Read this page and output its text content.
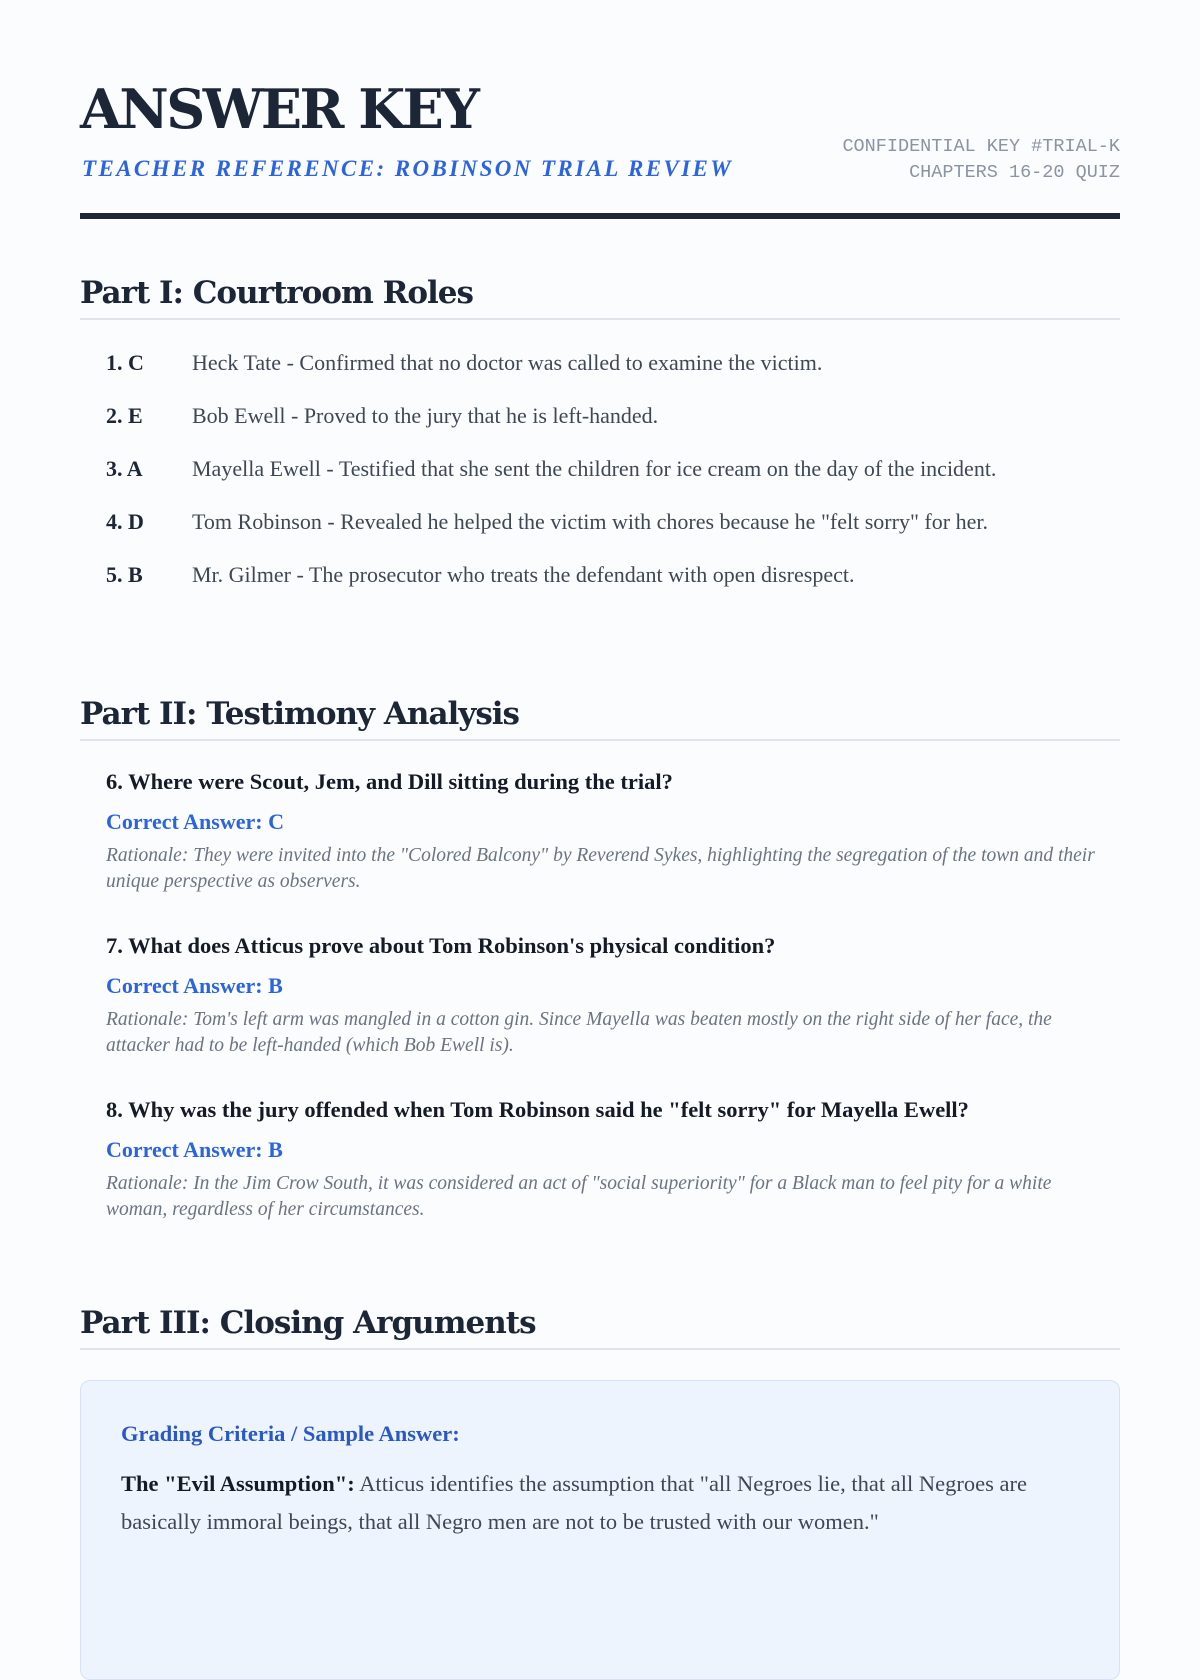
ANSWER KEY
TEACHER REFERENCE: ROBINSON TRIAL REVIEW
CONFIDENTIAL KEY #TRIAL-K
CHAPTERS 16-20 QUIZ
Part I: Courtroom Roles
1. C Heck Tate - Confirmed that no doctor was called to examine the victim.
2. E Bob Ewell - Proved to the jury that he is left-handed.
3. A Mayella Ewell - Testified that she sent the children for ice cream on the day of the incident.
4. D Tom Robinson - Revealed he helped the victim with chores because he "felt sorry" for her.
5. B Mr. Gilmer - The prosecutor who treats the defendant with open disrespect.
Part II: Testimony Analysis
6. Where were Scout, Jem, and Dill sitting during the trial?
Correct Answer: C
Rationale: They were invited into the "Colored Balcony" by Reverend Sykes, highlighting the segregation of the town and their unique perspective as observers.
7. What does Atticus prove about Tom Robinson's physical condition?
Correct Answer: B
Rationale: Tom's left arm was mangled in a cotton gin. Since Mayella was beaten mostly on the right side of her face, the attacker had to be left-handed (which Bob Ewell is).
8. Why was the jury offended when Tom Robinson said he "felt sorry" for Mayella Ewell?
Correct Answer: B
Rationale: In the Jim Crow South, it was considered an act of "social superiority" for a Black man to feel pity for a white woman, regardless of her circumstances.
Part III: Closing Arguments
Grading Criteria / Sample Answer:
The "Evil Assumption": Atticus identifies the assumption that "all Negroes lie, that all Negroes are basically immoral beings, that all Negro men are not to be trusted with our women."
